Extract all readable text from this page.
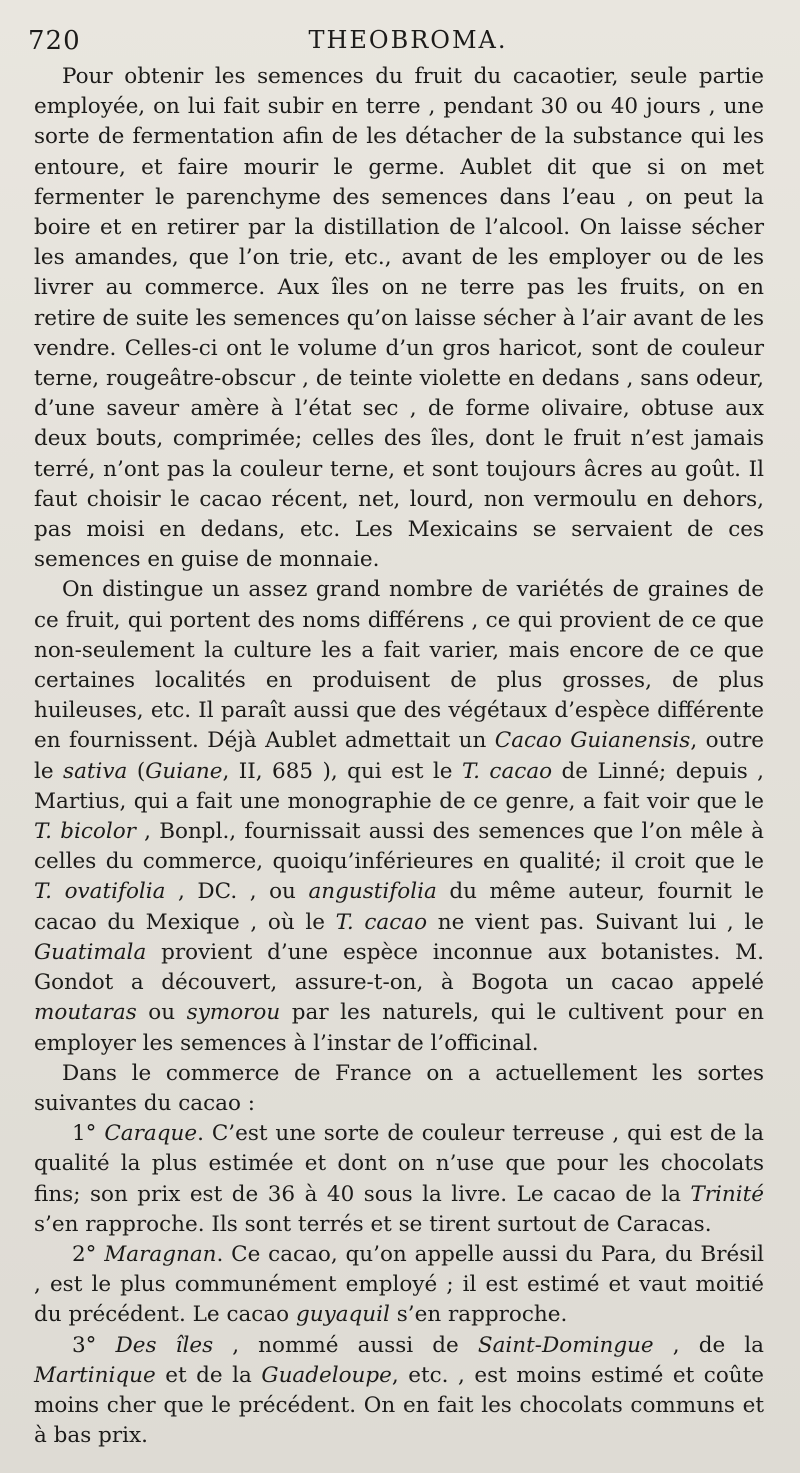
720	THEOBROMA.

Pour obtenir les semences du fruit du cacaotier, seule partie employée, on lui fait subir en terre , pendant 30 ou 40 jours , une sorte de fermentation afin de les détacher de la substance qui les entoure, et faire mourir le germe. Aublet dit que si on met fermenter le parenchyme des semences dans l’eau , on peut la boire et en retirer par la distillation de l’alcool. On laisse sécher les amandes, que l’on trie, etc., avant de les employer ou de les livrer au commerce. Aux îles on ne terre pas les fruits, on en retire de suite les semences qu’on laisse sécher à l’air avant de les vendre. Celles-ci ont le volume d’un gros haricot, sont de couleur terne, rougeâtre-obscur , de teinte violette en dedans , sans odeur, d’une saveur amère à l’état sec , de forme olivaire, obtuse aux deux bouts, comprimée; celles des îles, dont le fruit n’est jamais terré, n’ont pas la couleur terne, et sont toujours âcres au goût. Il faut choisir le cacao récent, net, lourd, non vermoulu en dehors, pas moisi en dedans, etc. Les Mexicains se servaient de ces semences en guise de monnaie.

On distingue un assez grand nombre de variétés de graines de ce fruit, qui portent des noms différens , ce qui provient de ce que non-seulement la culture les a fait varier, mais encore de ce que certaines localités en produisent de plus grosses, de plus huileuses, etc. Il paraît aussi que des végétaux d’espèce différente en fournissent. Déjà Aublet admettait un Cacao Guianensis, outre le sativa (Guiane, II, 685 ), qui est le T. cacao de Linné; depuis , Martius, qui a fait une monographie de ce genre, a fait voir que le T. bicolor , Bonpl., fournissait aussi des semences que l’on mêle à celles du commerce, quoiqu’inférieures en qualité; il croit que le T. ovatifolia , DC. , ou angustifolia du même auteur, fournit le cacao du Mexique , où le T. cacao ne vient pas. Suivant lui , le Guatimala provient d’une espèce inconnue aux botanistes. M. Gondot a découvert, assure-t-on, à Bogota un cacao appelé moutaras ou symorou par les naturels, qui le cultivent pour en employer les semences à l’instar de l’officinal.

Dans le commerce de France on a actuellement les sortes suivantes du cacao :

1° Caraque. C’est une sorte de couleur terreuse , qui est de la qualité la plus estimée et dont on n’use que pour les chocolats fins; son prix est de 36 à 40 sous la livre. Le cacao de la Trinité s’en rapproche. Ils sont terrés et se tirent surtout de Caracas.

2° Maragnan. Ce cacao, qu’on appelle aussi du Para, du Brésil , est le plus communément employé ; il est estimé et vaut moitié du précédent. Le cacao guyaquil s’en rapproche.

3° Des îles , nommé aussi de Saint-Domingue , de la Martinique et de la Guadeloupe, etc. , est moins estimé et coûte moins cher que le précédent. On en fait les chocolats communs et à bas prix.
